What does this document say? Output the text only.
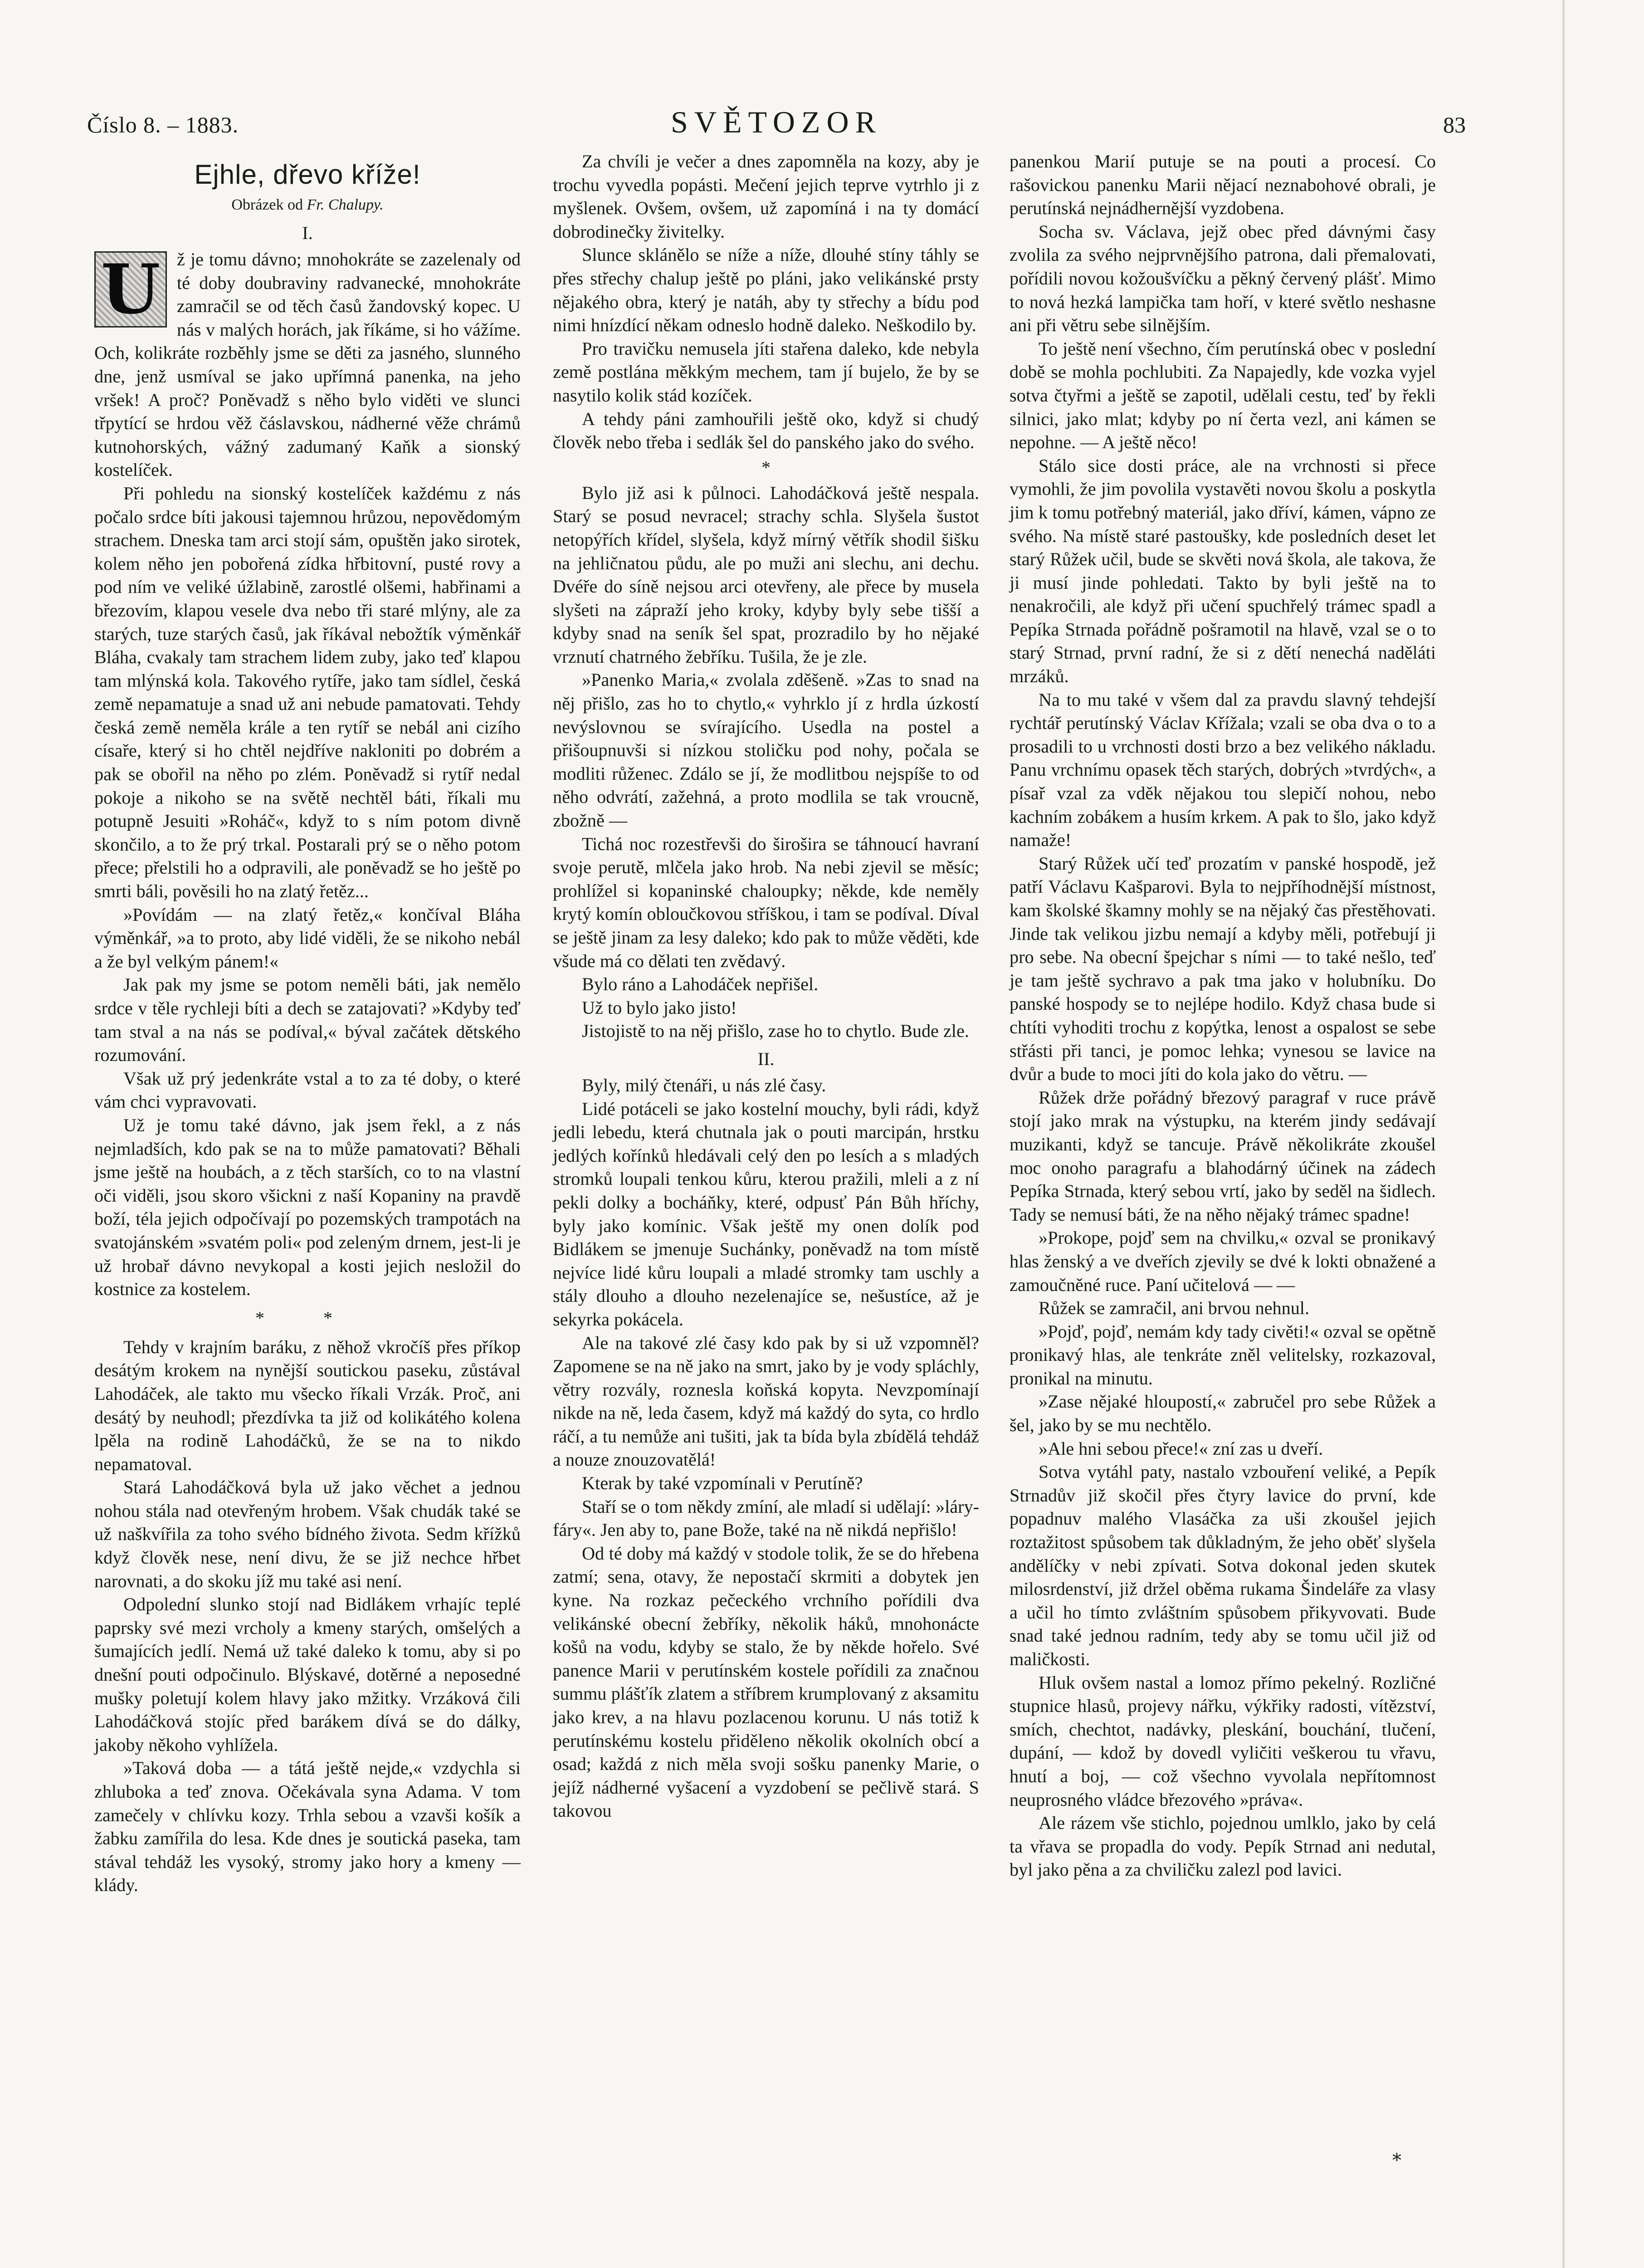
Číslo 8. – 1883.	SVĚTOZOR	83
Ejhle, dřevo kříže!
Obrázek od Fr. Chalupy.
I.

U ž je tomu dávno; mnohokráte se zazelenaly od té doby doubraviny radvanecké, mnohokráte zamračil se od těch časů žandovský kopec. U nás v malých horách, jak říkáme, si ho vážíme. Och, kolikráte rozběhly jsme se děti za jasného, slunného dne, jenž usmíval se jako upřímná panenka, na jeho vršek! A proč? Poněvadž s něho bylo viděti ve slunci třpytící se hrdou věž čáslavskou, nádherné věže chrámů kutnohorských, vážný zadumaný Kaňk a sionský kostelíček.

Při pohledu na sionský kostelíček každému z nás počalo srdce bíti jakousi tajemnou hrůzou, nepovědomým strachem. Dneska tam arci stojí sám, opuštěn jako sirotek, kolem něho jen pobořená zídka hřbitovní, pusté rovy a pod ním ve veliké úžlabině, zarostlé olšemi, habřinami a březovím, klapou vesele dva nebo tři staré mlýny, ale za starých, tuze starých časů, jak říkával nebožtík výměnkář Bláha, cvakaly tam strachem lidem zuby, jako teď klapou tam mlýnská kola. Takového rytíře, jako tam sídlel, česká země nepamatuje a snad už ani nebude pamatovati. Tehdy česká země neměla krále a ten rytíř se nebál ani cizího císaře, který si ho chtěl nejdříve nakloniti po dobrém a pak se obořil na něho po zlém. Poněvadž si rytíř nedal pokoje a nikoho se na světě nechtěl báti, říkali mu potupně Jesuiti »Roháč«, když to s ním potom divně skončilo, a to že prý trkal. Postarali prý se o něho potom přece; přelstili ho a odpravili, ale poněvadž se ho ještě po smrti báli, pověsili ho na zlatý řetěz...

»Povídám — na zlatý řetěz,« končíval Bláha výměnkář, »a to proto, aby lidé viděli, že se nikoho nebál a že byl velkým pánem!«

Jak pak my jsme se potom neměli báti, jak nemělo srdce v těle rychleji bíti a dech se zatajovati? »Kdyby teď tam stval a na nás se podíval,« býval začátek dětského rozumování.

Však už prý jedenkráte vstal a to za té doby, o které vám chci vypravovati.

Už je tomu také dávno, jak jsem řekl, a z nás nejmladších, kdo pak se na to může pamatovati? Běhali jsme ještě na houbách, a z těch starších, co to na vlastní oči viděli, jsou skoro všickni z naší Kopaniny na pravdě boží, téla jejich odpočívají po pozemských trampotách na svatojánském »svatém poli« pod zeleným drnem, jest-li je už hrobař dávno nevykopal a kosti jejich nesložil do kostnice za kostelem.

* *

Tehdy v krajním baráku, z něhož vkročíš přes příkop desátým krokem na nynější soutickou paseku, zůstával Lahodáček, ale takto mu všecko říkali Vrzák. Proč, ani desátý by neuhodl; přezdívka ta již od kolikátého kolena lpěla na rodině Lahodáčků, že se na to nikdo nepamatoval.

Stará Lahodáčková byla už jako věchet a jednou nohou stála nad otevřeným hrobem. Však chudák také se už naškvířila za toho svého bídného života. Sedm křížků když člověk nese, není divu, že se již nechce hřbet narovnati, a do skoku jíž mu také asi není.

Odpolední slunko stojí nad Bidlákem vrhajíc teplé paprsky své mezi vrcholy a kmeny starých, omšelých a šumajících jedlí. Nemá už také daleko k tomu, aby si po dnešní pouti odpočinulo. Blýskavé, dotěrné a neposedné mušky poletují kolem hlavy jako mžitky. Vrzáková čili Lahodáčková stojíc před barákem dívá se do dálky, jakoby někoho vyhlížela.

»Taková doba — a tátá ještě nejde,« vzdychla si zhluboka a teď znova. Očekávala syna Adama. V tom zamečely v chlívku kozy. Trhla sebou a vzavši košík a žabku zamířila do lesa. Kde dnes je soutická paseka, tam stával tehdáž les vysoký, stromy jako hory a kmeny — klády.

Za chvíli je večer a dnes zapomněla na kozy, aby je trochu vyvedla popásti. Mečení jejich teprve vytrhlo ji z myšlenek. Ovšem, ovšem, už zapomíná i na ty domácí dobrodinečky živitelky.

Slunce sklánělo se níže a níže, dlouhé stíny táhly se přes střechy chalup ještě po pláni, jako velikánské prsty nějakého obra, který je natáh, aby ty střechy a bídu pod nimi hnízdící někam odneslo hodně daleko. Neškodilo by.

Pro travičku nemusela jíti stařena daleko, kde nebyla země postlána měkkým mechem, tam jí bujelo, že by se nasytilo kolik stád kozíček.

A tehdy páni zamhouřili ještě oko, když si chudý člověk nebo třeba i sedlák šel do panského jako do svého.

*

Bylo již asi k půlnoci. Lahodáčková ještě nespala. Starý se posud nevracel; strachy schla. Slyšela šustot netopýřích křídel, slyšela, když mírný větřík shodil šišku na jehličnatou půdu, ale po muži ani slechu, ani dechu. Dvéře do síně nejsou arci otevřeny, ale přece by musela slyšeti na zápraží jeho kroky, kdyby byly sebe tišší a kdyby snad na seník šel spat, prozradilo by ho nějaké vrznutí chatrného žebříku. Tušila, že je zle.

»Panenko Maria,« zvolala zděšeně. »Zas to snad na něj přišlo, zas ho to chytlo,« vyhrklo jí z hrdla úzkostí nevýslovnou se svírajícího. Usedla na postel a přišoupnuvši si nízkou stoličku pod nohy, počala se modliti růženec. Zdálo se jí, že modlitbou nejspíše to od něho odvrátí, zažehná, a proto modlila se tak vroucně, zbožně —

Tichá noc rozestřevši do široširа se táhnoucí havraní svoje perutě, mlčela jako hrob. Na nebi zjevil se měsíc; prohlížel si kopaninské chaloupky; někde, kde neměly krytý komín obloučkovou stříškou, i tam se podíval. Díval se ještě jinam za lesy daleko; kdo pak to může věděti, kde všude má co dělati ten zvědavý.

Bylo ráno a Lahodáček nepřišel.

Už to bylo jako jisto!

Jistojistě to na něj přišlo, zase ho to chytlo. Bude zle.

II.

Byly, milý čtenáři, u nás zlé časy.

Lidé potáceli se jako kostelní mouchy, byli rádi, když jedli lebedu, která chutnala jak o pouti marcipán, hrstku jedlých kořínků hledávali celý den po lesích a s mladých stromků loupali tenkou kůru, kterou pražili, mleli a z ní pekli dolky a bocháňky, které, odpusť Pán Bůh hříchy, byly jako komínic. Však ještě my onen dolík pod Bidlákem se jmenuje Suchánky, poněvadž na tom místě nejvíce lidé kůru loupali a mladé stromky tam uschly a stály dlouho a dlouho nezelenajíce se, nešustíce, až je sekyrka pokácela.

Ale na takové zlé časy kdo pak by si už vzpomněl? Zapomene se na ně jako na smrt, jako by je vody spláchly, větry rozvály, roznesla koňská kopyta. Nevzpomínají nikde na ně, leda časem, když má každý do syta, co hrdlo ráčí, a tu nemůže ani tušiti, jak ta bída byla zbídělá tehdáž a nouze znouzovatělá!

Kterak by také vzpomínali v Perutíně?

Staří se o tom někdy zmíní, ale mladí si udělají: »láry-fáry«. Jen aby to, pane Bože, také na ně nikdá nepřišlo!

Od té doby má každý v stodole tolik, že se do hřebena zatmí; sena, otavy, že nepostačí skrmiti a dobytek jen kyne. Na rozkaz pečeckého vrchního pořídili dva velikánské obecní žebříky, několik háků, mnohonácte košů na vodu, kdyby se stalo, že by někde hořelo. Své panence Marii v perutínském kostele pořídili za značnou summu plášťík zlatem a stříbrem krumplovaný z aksamitu jako krev, a na hlavu pozlacenou korunu. U nás totiž k perutínskému kostelu přiděleno několik okolních obcí a osad; každá z nich měla svoji sošku panenky Marie, o jejíž nádherné vyšacení a vyzdobení se pečlivě stará. S takovou

panenkou Marií putuje se na pouti a procesí. Co rašovickou panenku Marii nějací neznabohové obrali, je perutínská nejnádhernější vyzdobena.

Socha sv. Václava, jejž obec před dávnými časy zvolila za svého nejprvnějšího patrona, dali přemalovati, pořídili novou kožoušvíčku a pěkný červený plášť. Mimo to nová hezká lampička tam hoří, v které světlo neshasne ani při větru sebe silnějším.

To ještě není všechno, čím perutínská obec v poslední době se mohla pochlubiti. Za Napajedly, kde vozka vyjel sotva čtyřmi a ještě se zapotil, udělali cestu, teď by řekli silnici, jako mlat; kdyby po ní čerta vezl, ani kámen se nepohne. — A ještě něco!

Stálo sice dosti práce, ale na vrchnosti si přece vymohli, že jim povolila vystavěti novou školu a poskytla jim k tomu potřebný materiál, jako dříví, kámen, vápno ze svého. Na místě staré pastoušky, kde posledních deset let starý Růžek učil, bude se skvěti nová škola, ale takova, že ji musí jinde pohledati. Takto by byli ještě na to nenakročili, ale když při učení spuchřelý trámec spadl a Pepíka Strnada pořádně pošramotil na hlavě, vzal se o to starý Strnad, první radní, že si z dětí nenechá naděláti mrzáků.

Na to mu také v všem dal za pravdu slavný tehdejší rychtář perutínský Václav Křížala; vzali se oba dva o to a prosadili to u vrchnosti dosti brzo a bez velikého nákladu. Panu vrchnímu opasek těch starých, dobrých »tvrdých«, a písař vzal za vděk nějakou tou slepičí nohou, nebo kachním zobákem a husím krkem. A pak to šlo, jako když namaže!

Starý Růžek učí teď prozatím v panské hospodě, jež patří Václavu Kašparovi. Byla to nejpříhodnější místnost, kam školské škamny mohly se na nějaký čas přestěhovati. Jinde tak velikou jizbu nemají a kdyby měli, potřebují ji pro sebe. Na obecní špejchar s ními — to také nešlo, teď je tam ještě sychravo a pak tma jako v holubníku. Do panské hospody se to nejlépe hodilo. Když chasa bude si chtíti vyhoditi trochu z kopýtka, lenost a ospalost se sebe střásti při tanci, je pomoc lehka; vynesou se lavice na dvůr a bude to moci jíti do kola jako do větru. —

Růžek drže pořádný březový paragraf v ruce právě stojí jako mrak na výstupku, na kterém jindy sedávají muzikanti, když se tancuje. Právě několikráte zkoušel moc onoho paragrafu a blahodárný účinek na zádech Pepíka Strnada, který sebou vrtí, jako by seděl na šidlech. Tady se nemusí báti, že na něho nějaký trámec spadne!

»Prokope, pojď sem na chvilku,« ozval se pronikavý hlas ženský a ve dveřích zjevily se dvé k lokti obnažené a zamoučněné ruce. Paní učitelová — —

Růžek se zamračil, ani brvou nehnul.

»Pojď, pojď, nemám kdy tady civěti!« ozval se opětně pronikavý hlas, ale tenkráte zněl velitelsky, rozkazoval, pronikal na minutu.

»Zase nějaké hloupostí,« zabručel pro sebe Růžek a šel, jako by se mu nechtělo.

»Ale hni sebou přece!« zní zas u dveří.

Sotva vytáhl paty, nastalo vzbouření veliké, a Pepík Strnadův již skočil přes čtyry lavice do první, kde popadnuv malého Vlasáčka za uši zkoušel jejich roztažitost spůsobem tak důkladným, že jeho oběť slyšela andělíčky v nebi zpívati. Sotva dokonal jeden skutek milosrdenství, již držel oběma rukama Šindeláře za vlasy a učil ho tímto zvláštním spůsobem přikyvovati. Bude snad také jednou radním, tedy aby se tomu učil již od maličkosti.

Hluk ovšem nastal a lomoz přímo pekelný. Rozličné stupnice hlasů, projevy nářku, výkřiky radosti, vítězství, smích, chechtot, nadávky, pleskání, bouchání, tlučení, dupání, — kdož by dovedl vyličiti veškerou tu vřavu, hnutí a boj, — což všechno vyvolala nepřítomnost neuprosného vládce březového »práva«.

Ale rázem vše stichlo, pojednou umlklo, jako by celá ta vřava se propadla do vody. Pepík Strnad ani nedutal, byl jako pěna a za chviličku zalezl pod lavici.

*
